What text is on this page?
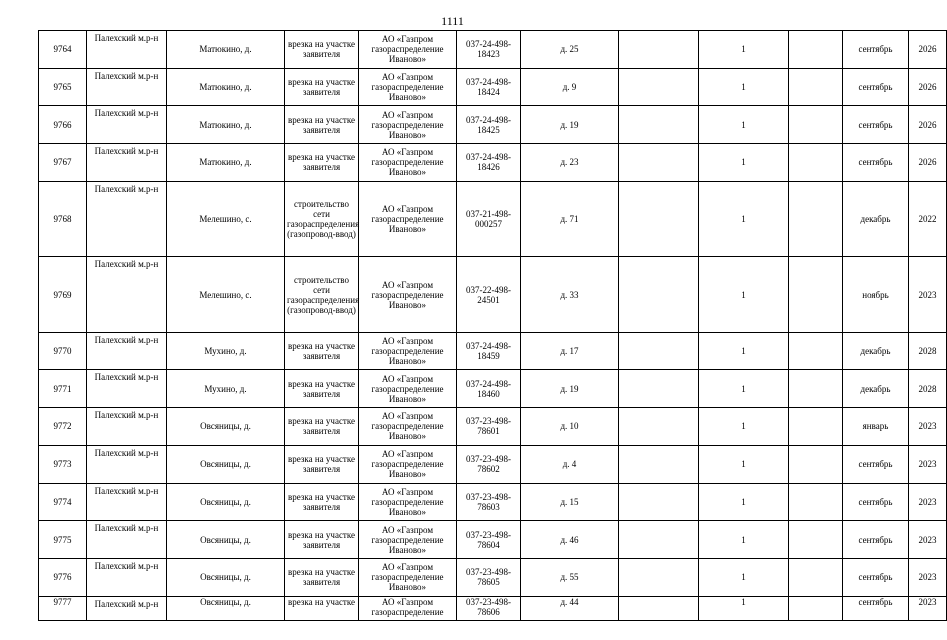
1111
9764	Палехский м.р-н	Матюкино, д.	врезка на участке заявителя	АО «Газпром газораспределение Иваново»	037-24-498-18423	д. 25		1		сентябрь	2026
9765	Палехский м.р-н	Матюкино, д.	врезка на участке заявителя	АО «Газпром газораспределение Иваново»	037-24-498-18424	д. 9		1		сентябрь	2026
9766	Палехский м.р-н	Матюкино, д.	врезка на участке заявителя	АО «Газпром газораспределение Иваново»	037-24-498-18425	д. 19		1		сентябрь	2026
9767	Палехский м.р-н	Матюкино, д.	врезка на участке заявителя	АО «Газпром газораспределение Иваново»	037-24-498-18426	д. 23		1		сентябрь	2026
9768	Палехский м.р-н	Мелешино, с.	строительство сети газораспределения (газопровод-ввод)	АО «Газпром газораспределение Иваново»	037-21-498-000257	д. 71		1		декабрь	2022
9769	Палехский м.р-н	Мелешино, с.	строительство сети газораспределения (газопровод-ввод)	АО «Газпром газораспределение Иваново»	037-22-498-24501	д. 33		1		ноябрь	2023
9770	Палехский м.р-н	Мухино, д.	врезка на участке заявителя	АО «Газпром газораспределение Иваново»	037-24-498-18459	д. 17		1		декабрь	2028
9771	Палехский м.р-н	Мухино, д.	врезка на участке заявителя	АО «Газпром газораспределение Иваново»	037-24-498-18460	д. 19		1		декабрь	2028
9772	Палехский м.р-н	Овсяницы, д.	врезка на участке заявителя	АО «Газпром газораспределение Иваново»	037-23-498-78601	д. 10		1		январь	2023
9773	Палехский м.р-н	Овсяницы, д.	врезка на участке заявителя	АО «Газпром газораспределение Иваново»	037-23-498-78602	д. 4		1		сентябрь	2023
9774	Палехский м.р-н	Овсяницы, д.	врезка на участке заявителя	АО «Газпром газораспределение Иваново»	037-23-498-78603	д. 15		1		сентябрь	2023
9775	Палехский м.р-н	Овсяницы, д.	врезка на участке заявителя	АО «Газпром газораспределение Иваново»	037-23-498-78604	д. 46		1		сентябрь	2023
9776	Палехский м.р-н	Овсяницы, д.	врезка на участке заявителя	АО «Газпром газораспределение Иваново»	037-23-498-78605	д. 55		1		сентябрь	2023
9777	Палехский м.р-н	Овсяницы, д.	врезка на участке	АО «Газпром газораспределение	037-23-498-78606	д. 44		1		сентябрь	2023
